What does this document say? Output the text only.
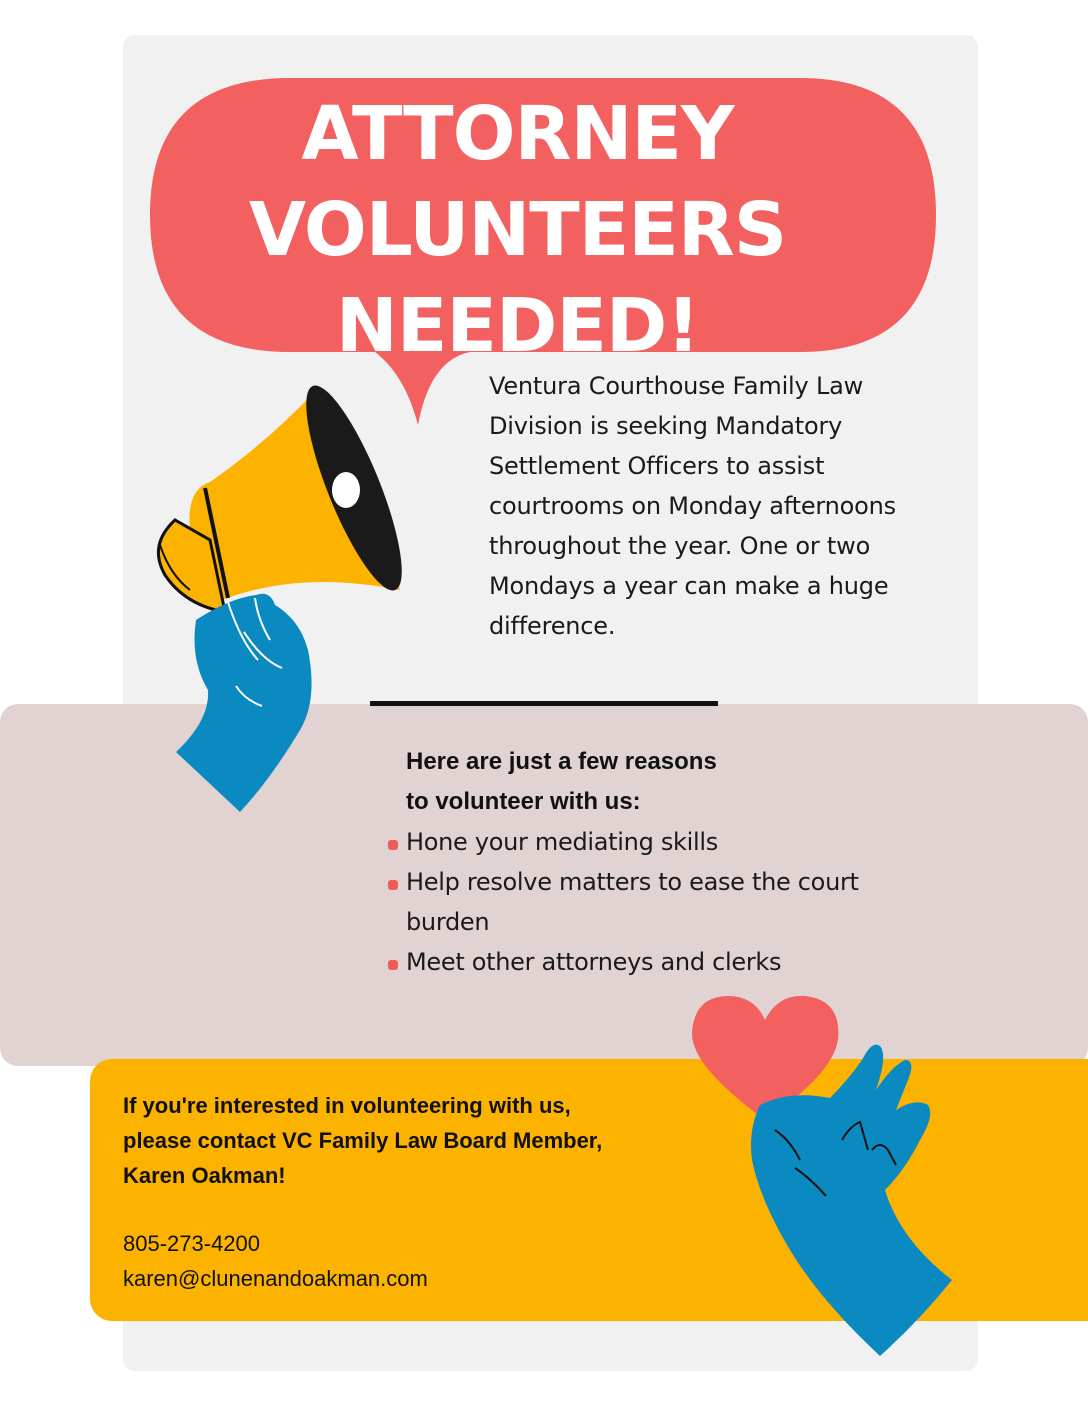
ATTORNEY
VOLUNTEERS
NEEDED!

Ventura Courthouse Family Law Division is seeking Mandatory Settlement Officers to assist courtrooms on Monday afternoons throughout the year. One or two Mondays a year can make a huge difference.

Here are just a few reasons
to volunteer with us:
Hone your mediating skills
Help resolve matters to ease the court burden
Meet other attorneys and clerks
If you're interested in volunteering with us,
please contact VC Family Law Board Member,
Karen Oakman!
805-273-4200
karen@clunenandoakman.com
